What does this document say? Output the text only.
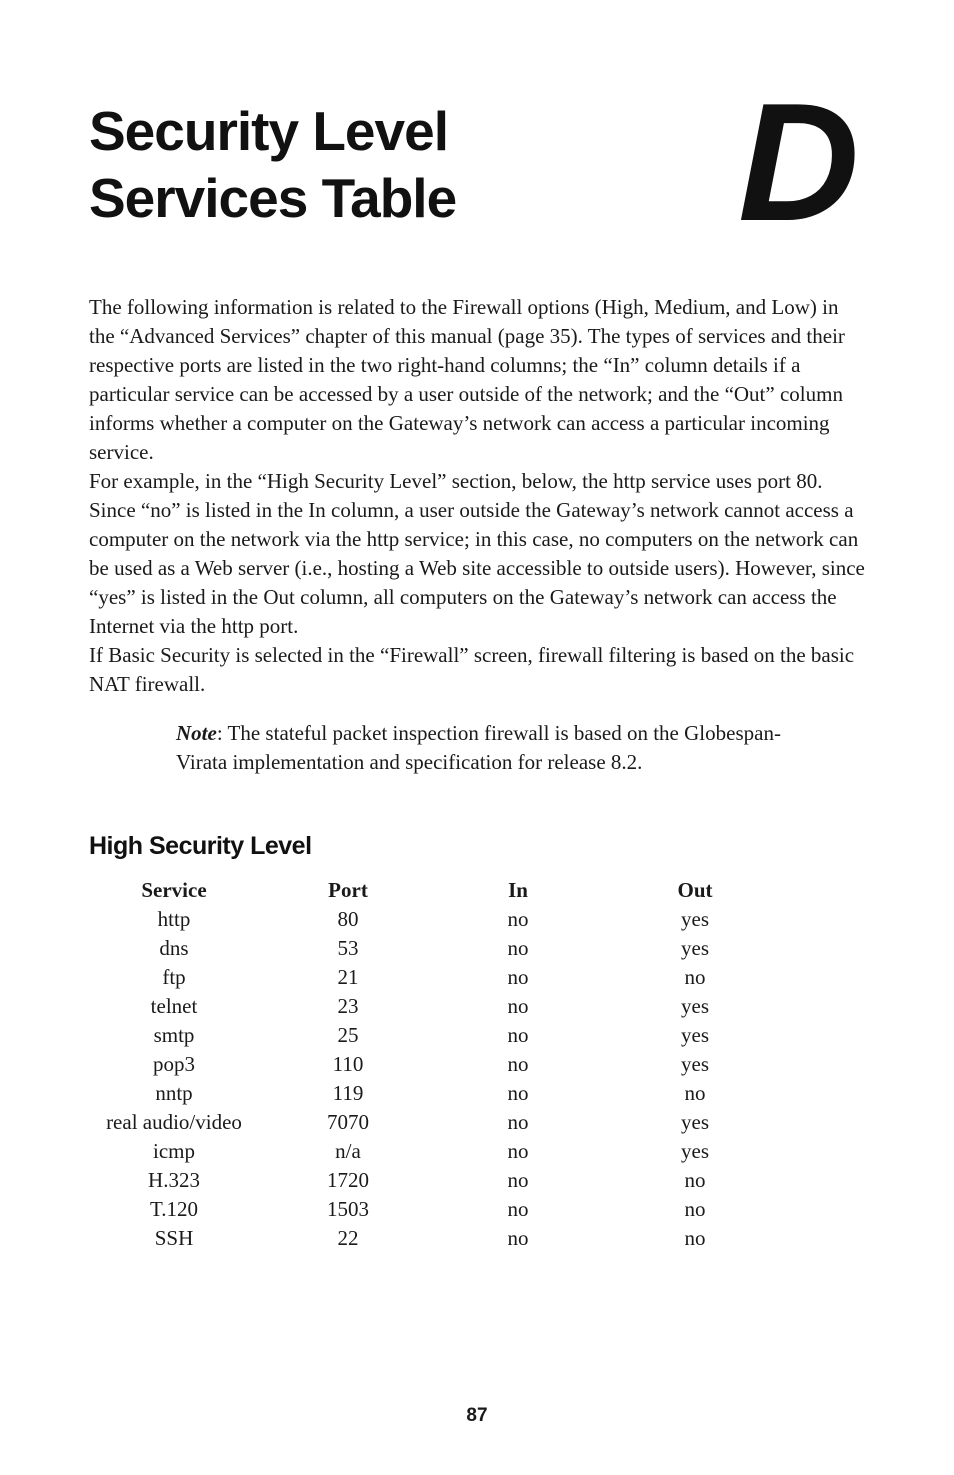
Security Level
Services Table D

The following information is related to the Firewall options (High, Medium, and Low) in the “Advanced Services” chapter of this manual (page 35). The types of services and their respective ports are listed in the two right-hand columns; the “In” column details if a particular service can be accessed by a user outside of the network; and the “Out” column informs whether a computer on the Gateway’s network can access a particular incoming service.

For example, in the “High Security Level” section, below, the http service uses port 80. Since “no” is listed in the In column, a user outside the Gateway’s network cannot access a computer on the network via the http service; in this case, no computers on the network can be used as a Web server (i.e., hosting a Web site accessible to outside users). However, since “yes” is listed in the Out column, all computers on the Gateway’s network can access the Internet via the http port.

If Basic Security is selected in the “Firewall” screen, firewall filtering is based on the basic NAT firewall.

Note: The stateful packet inspection firewall is based on the Globespan-Virata implementation and specification for release 8.2.
High Security Level
Service	Port	In	Out
http	80	no	yes
dns	53	no	yes
ftp	21	no	no
telnet	23	no	yes
smtp	25	no	yes
pop3	110	no	yes
nntp	119	no	no
real audio/video	7070	no	yes
icmp	n/a	no	yes
H.323	1720	no	no
T.120	1503	no	no
SSH	22	no	no
87
